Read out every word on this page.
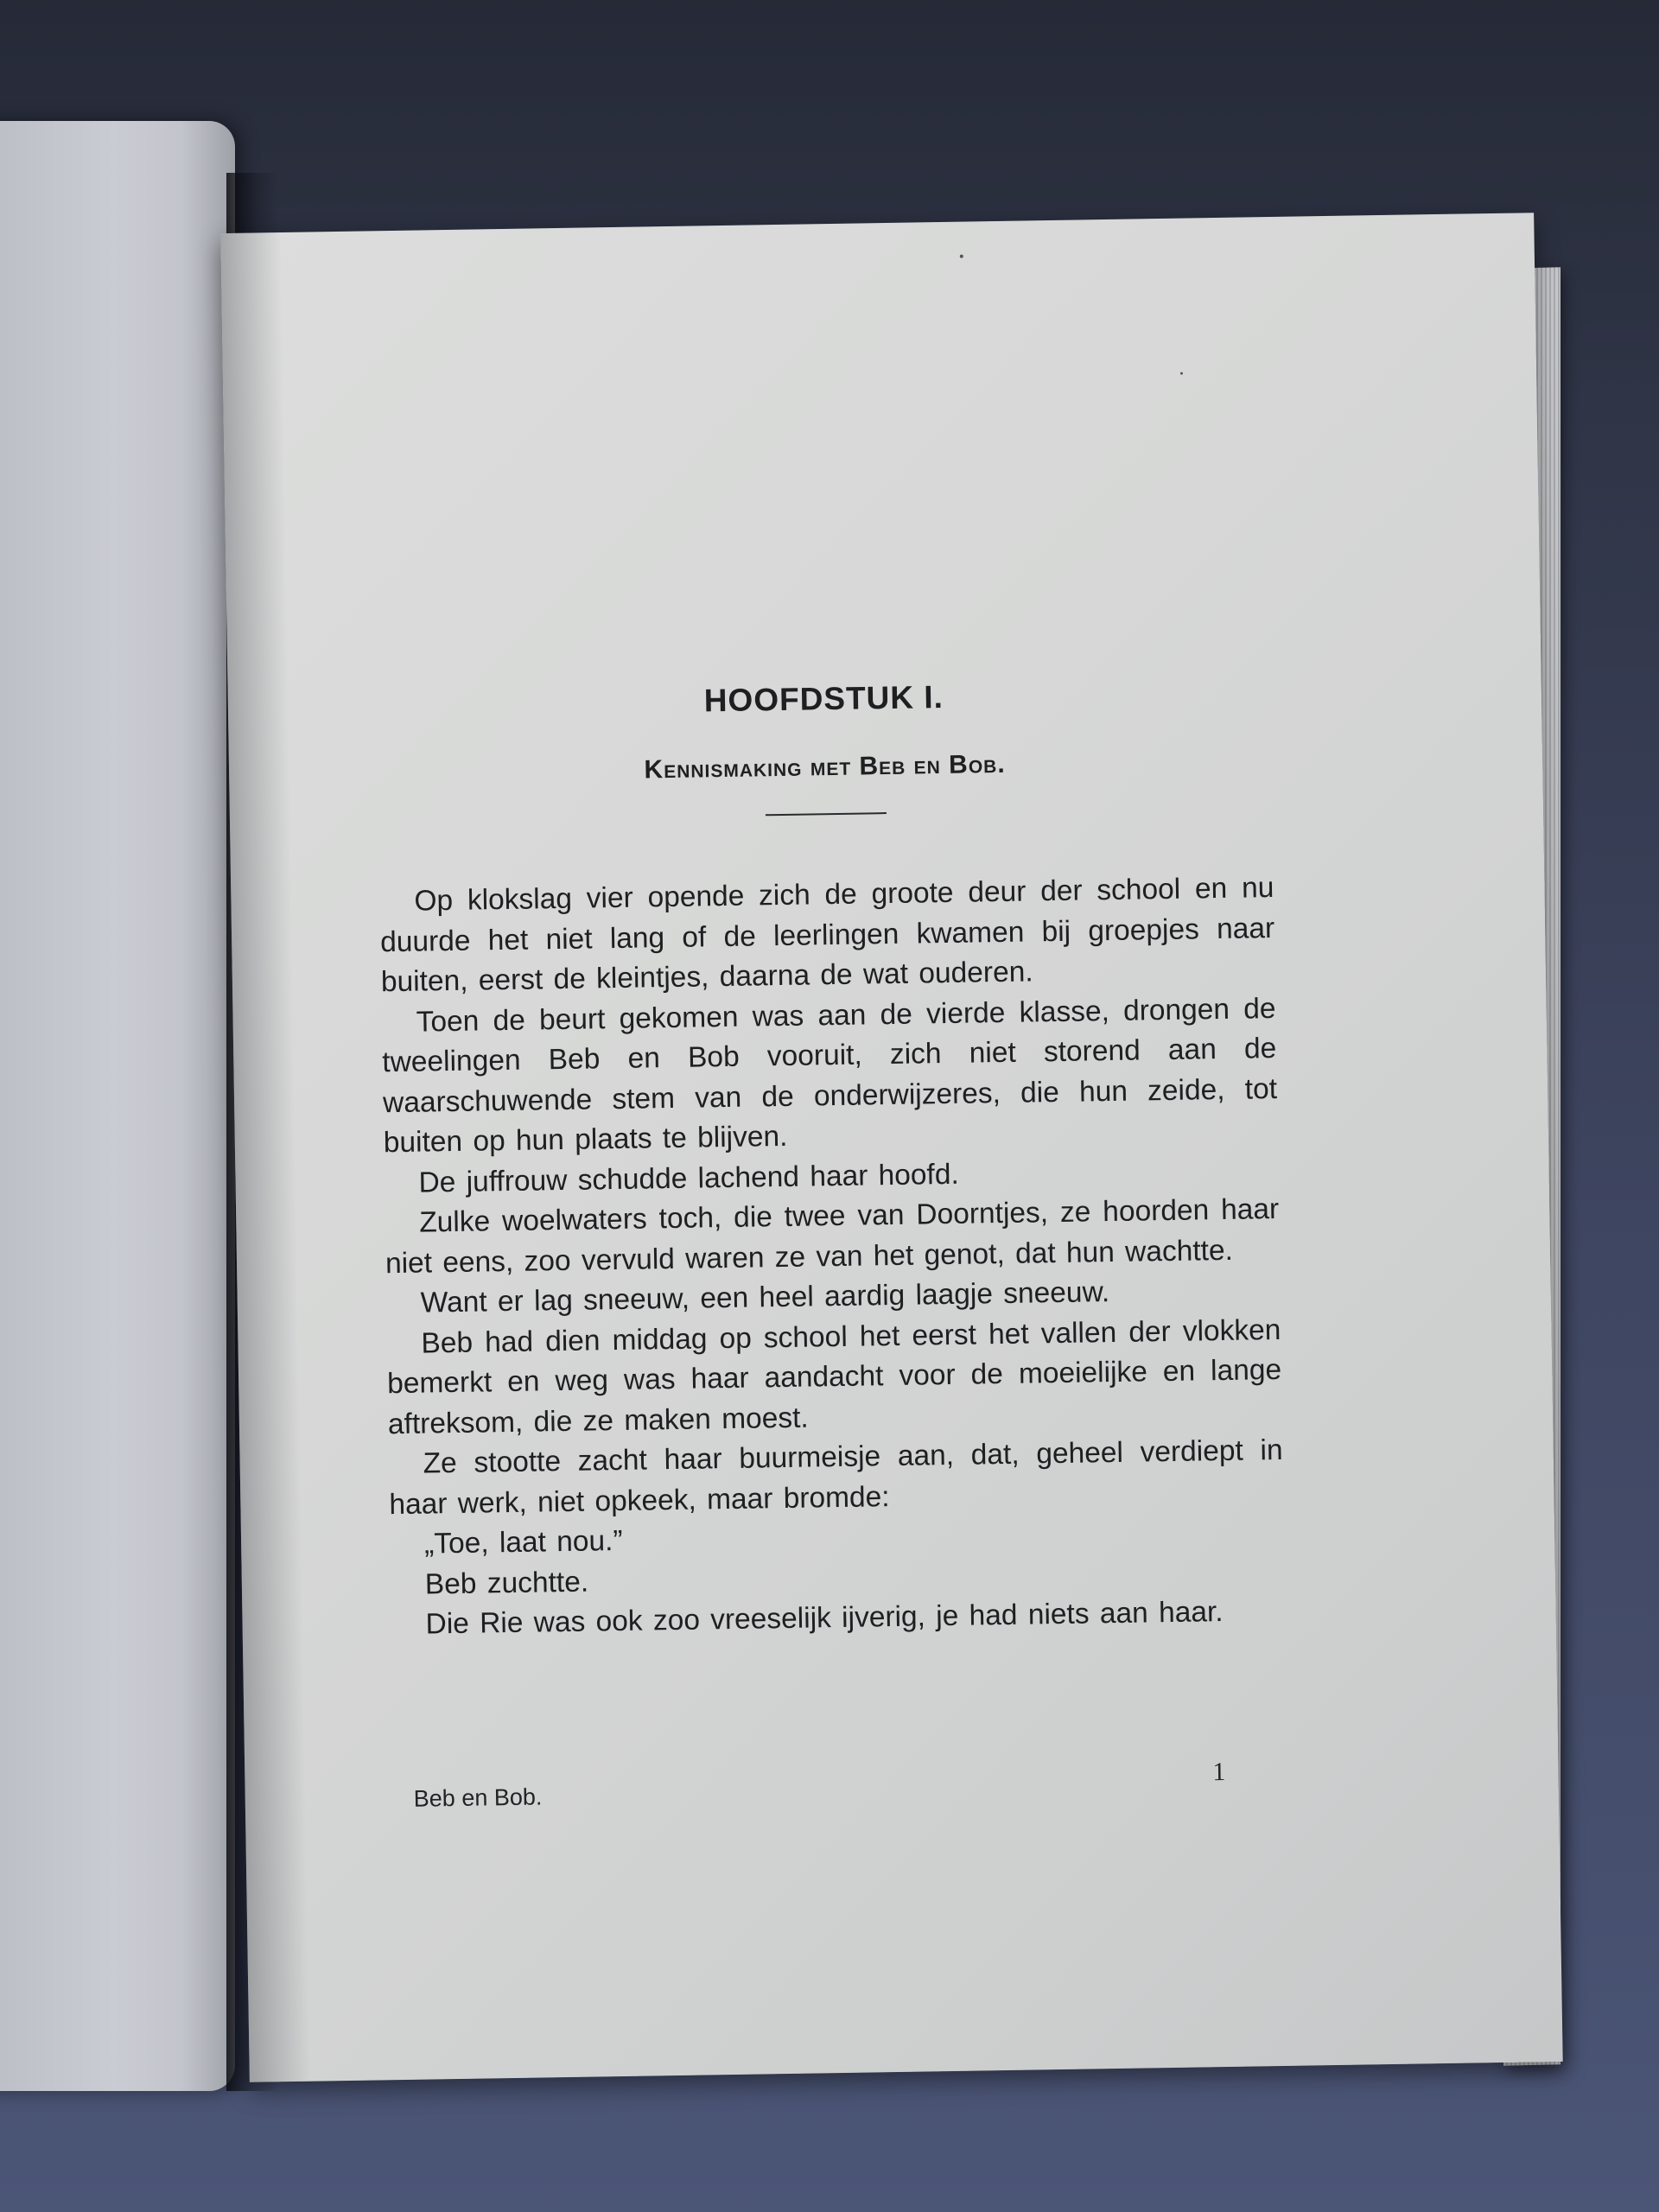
HOOFDSTUK I.
Kennismaking met Beb en Bob.

Op klokslag vier opende zich de groote deur der school en nu duurde het niet lang of de leerlingen kwamen bij groepjes naar buiten, eerst de kleintjes, daarna de wat ouderen.

Toen de beurt gekomen was aan de vierde klasse, drongen de tweelingen Beb en Bob vooruit, zich niet storend aan de waarschuwende stem van de onderwijzeres, die hun zeide, tot buiten op hun plaats te blijven.

De juffrouw schudde lachend haar hoofd.

Zulke woelwaters toch, die twee van Doorntjes, ze hoorden haar niet eens, zoo vervuld waren ze van het genot, dat hun wachtte.

Want er lag sneeuw, een heel aardig laagje sneeuw.

Beb had dien middag op school het eerst het vallen der vlokken bemerkt en weg was haar aandacht voor de moeielijke en lange aftreksom, die ze maken moest.

Ze stootte zacht haar buurmeisje aan, dat, geheel verdiept in haar werk, niet opkeek, maar bromde:

„Toe, laat nou.”

Beb zuchtte.

Die Rie was ook zoo vreeselijk ijverig, je had niets aan haar.

Beb en Bob.
1
